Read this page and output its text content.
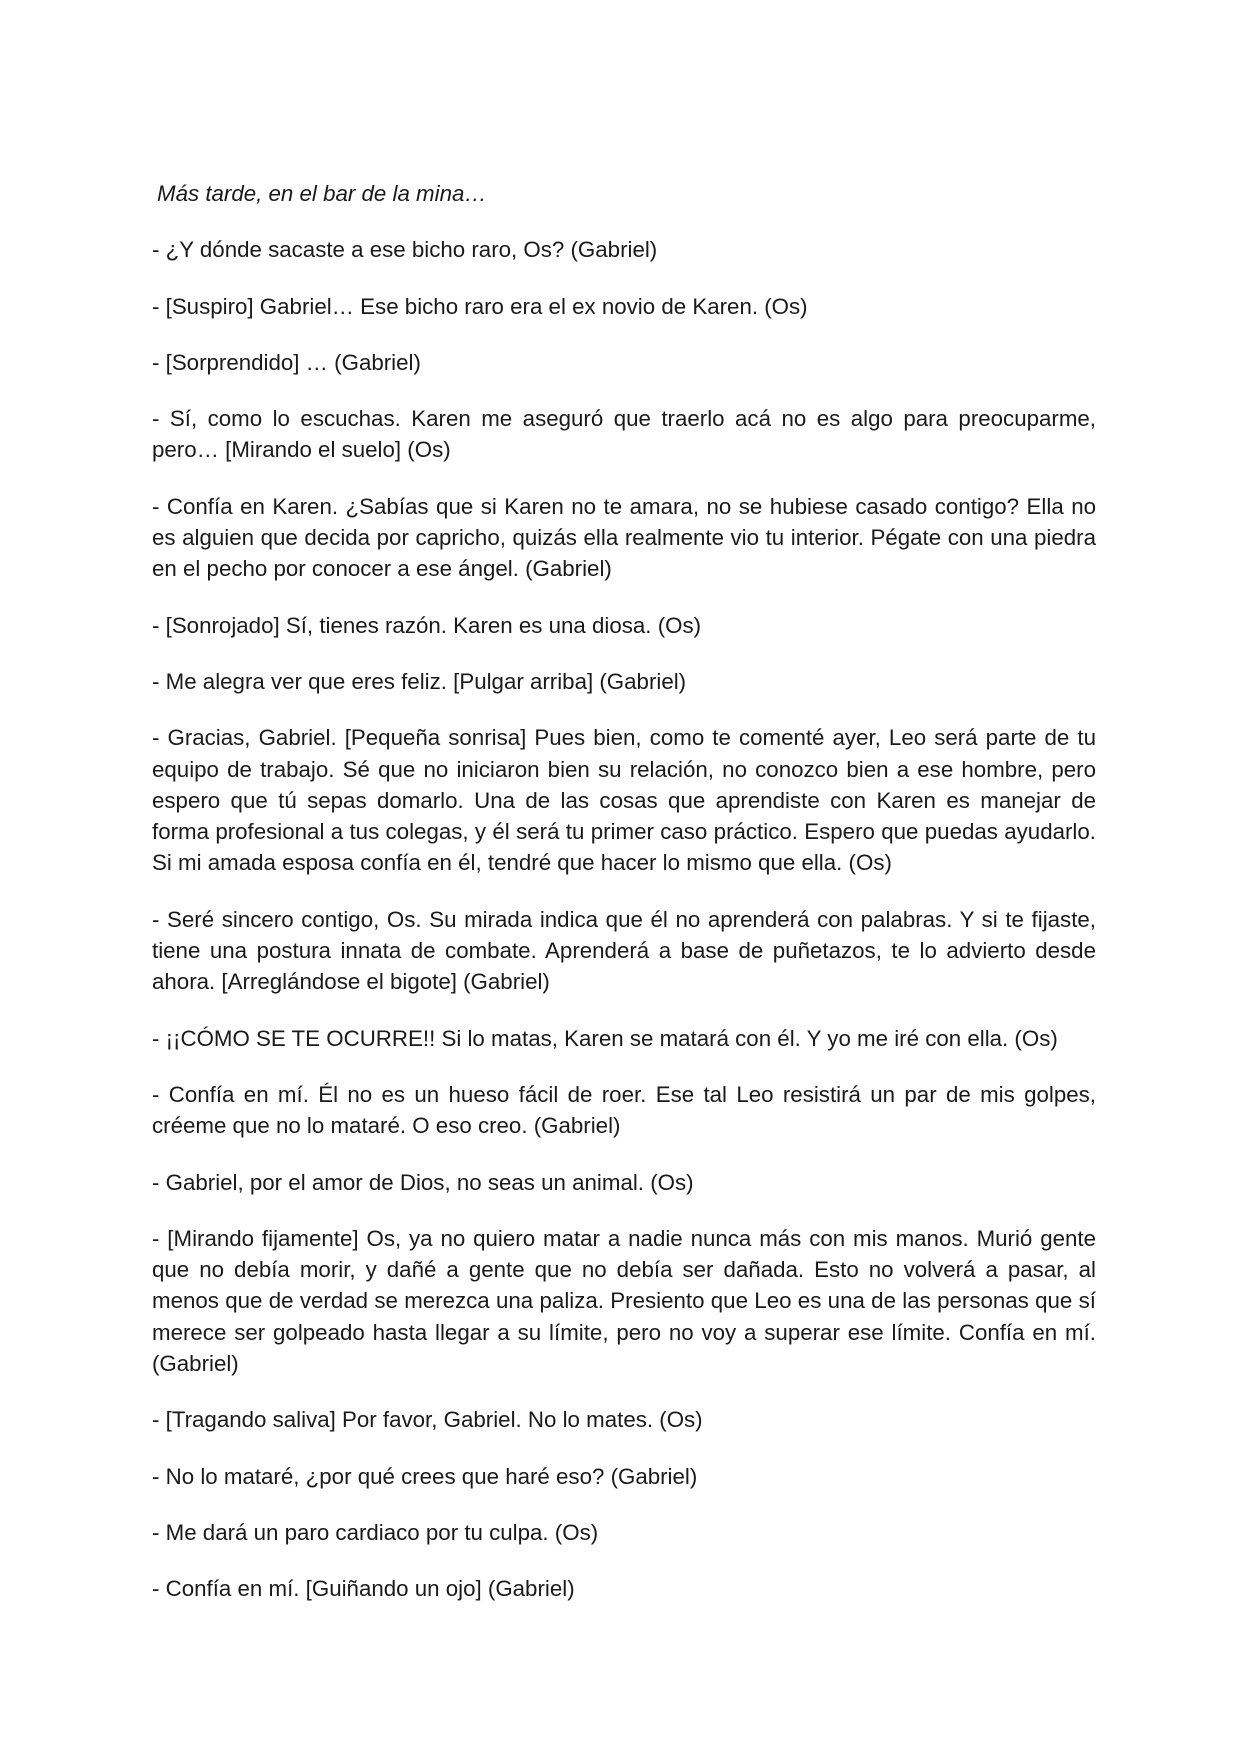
Más tarde, en el bar de la mina…

- ¿Y dónde sacaste a ese bicho raro, Os? (Gabriel)

- [Suspiro] Gabriel… Ese bicho raro era el ex novio de Karen. (Os)

- [Sorprendido] … (Gabriel)

- Sí, como lo escuchas. Karen me aseguró que traerlo acá no es algo para preocuparme, pero… [Mirando el suelo] (Os)

- Confía en Karen. ¿Sabías que si Karen no te amara, no se hubiese casado contigo? Ella no es alguien que decida por capricho, quizás ella realmente vio tu interior. Pégate con una piedra en el pecho por conocer a ese ángel. (Gabriel)

- [Sonrojado] Sí, tienes razón. Karen es una diosa. (Os)

- Me alegra ver que eres feliz. [Pulgar arriba] (Gabriel)

- Gracias, Gabriel. [Pequeña sonrisa] Pues bien, como te comenté ayer, Leo será parte de tu equipo de trabajo. Sé que no iniciaron bien su relación, no conozco bien a ese hombre, pero espero que tú sepas domarlo. Una de las cosas que aprendiste con Karen es manejar de forma profesional a tus colegas, y él será tu primer caso práctico. Espero que puedas ayudarlo. Si mi amada esposa confía en él, tendré que hacer lo mismo que ella. (Os)

- Seré sincero contigo, Os. Su mirada indica que él no aprenderá con palabras. Y si te fijaste, tiene una postura innata de combate. Aprenderá a base de puñetazos, te lo advierto desde ahora. [Arreglándose el bigote] (Gabriel)

- ¡¡CÓMO SE TE OCURRE!! Si lo matas, Karen se matará con él. Y yo me iré con ella. (Os)

- Confía en mí. Él no es un hueso fácil de roer. Ese tal Leo resistirá un par de mis golpes, créeme que no lo mataré. O eso creo. (Gabriel)

- Gabriel, por el amor de Dios, no seas un animal. (Os)

- [Mirando fijamente] Os, ya no quiero matar a nadie nunca más con mis manos. Murió gente que no debía morir, y dañé a gente que no debía ser dañada. Esto no volverá a pasar, al menos que de verdad se merezca una paliza. Presiento que Leo es una de las personas que sí merece ser golpeado hasta llegar a su límite, pero no voy a superar ese límite. Confía en mí. (Gabriel)

- [Tragando saliva] Por favor, Gabriel. No lo mates. (Os)

- No lo mataré, ¿por qué crees que haré eso? (Gabriel)

- Me dará un paro cardiaco por tu culpa. (Os)

- Confía en mí. [Guiñando un ojo] (Gabriel)
